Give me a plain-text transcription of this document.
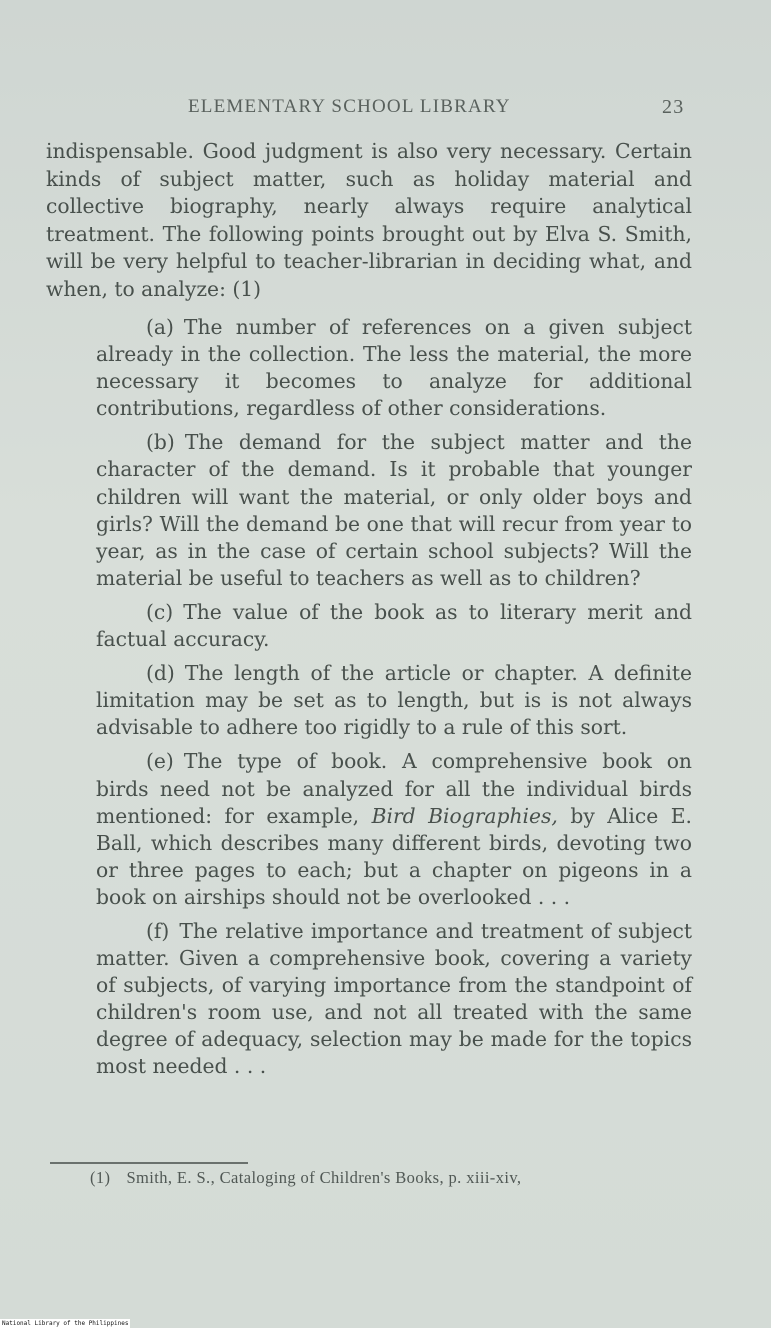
ELEMENTARY SCHOOL LIBRARY	23

indispensable. Good judgment is also very necessary. Certain kinds of subject matter, such as holiday material and collective biography, nearly always require analytical treatment. The following points brought out by Elva S. Smith, will be very helpful to teacher-librarian in deciding what, and when, to analyze: (1)

(a) The number of references on a given subject already in the collection. The less the material, the more necessary it becomes to analyze for additional contributions, regardless of other considerations.

(b) The demand for the subject matter and the character of the demand. Is it probable that younger children will want the material, or only older boys and girls? Will the demand be one that will recur from year to year, as in the case of certain school subjects? Will the material be useful to teachers as well as to children?

(c) The value of the book as to literary merit and factual accuracy.

(d) The length of the article or chapter. A definite limitation may be set as to length, but is is not always advisable to adhere too rigidly to a rule of this sort.

(e) The type of book. A comprehensive book on birds need not be analyzed for all the individual birds mentioned: for example, Bird Biographies, by Alice E. Ball, which describes many different birds, devoting two or three pages to each; but a chapter on pigeons in a book on airships should not be overlooked . . .

(f) The relative importance and treatment of subject matter. Given a comprehensive book, covering a variety of subjects, of varying importance from the standpoint of children's room use, and not all treated with the same degree of adequacy, selection may be made for the topics most needed . . .

(1) Smith, E. S., Cataloging of Children's Books, p. xiii-xiv,
National Library of the Philippines
